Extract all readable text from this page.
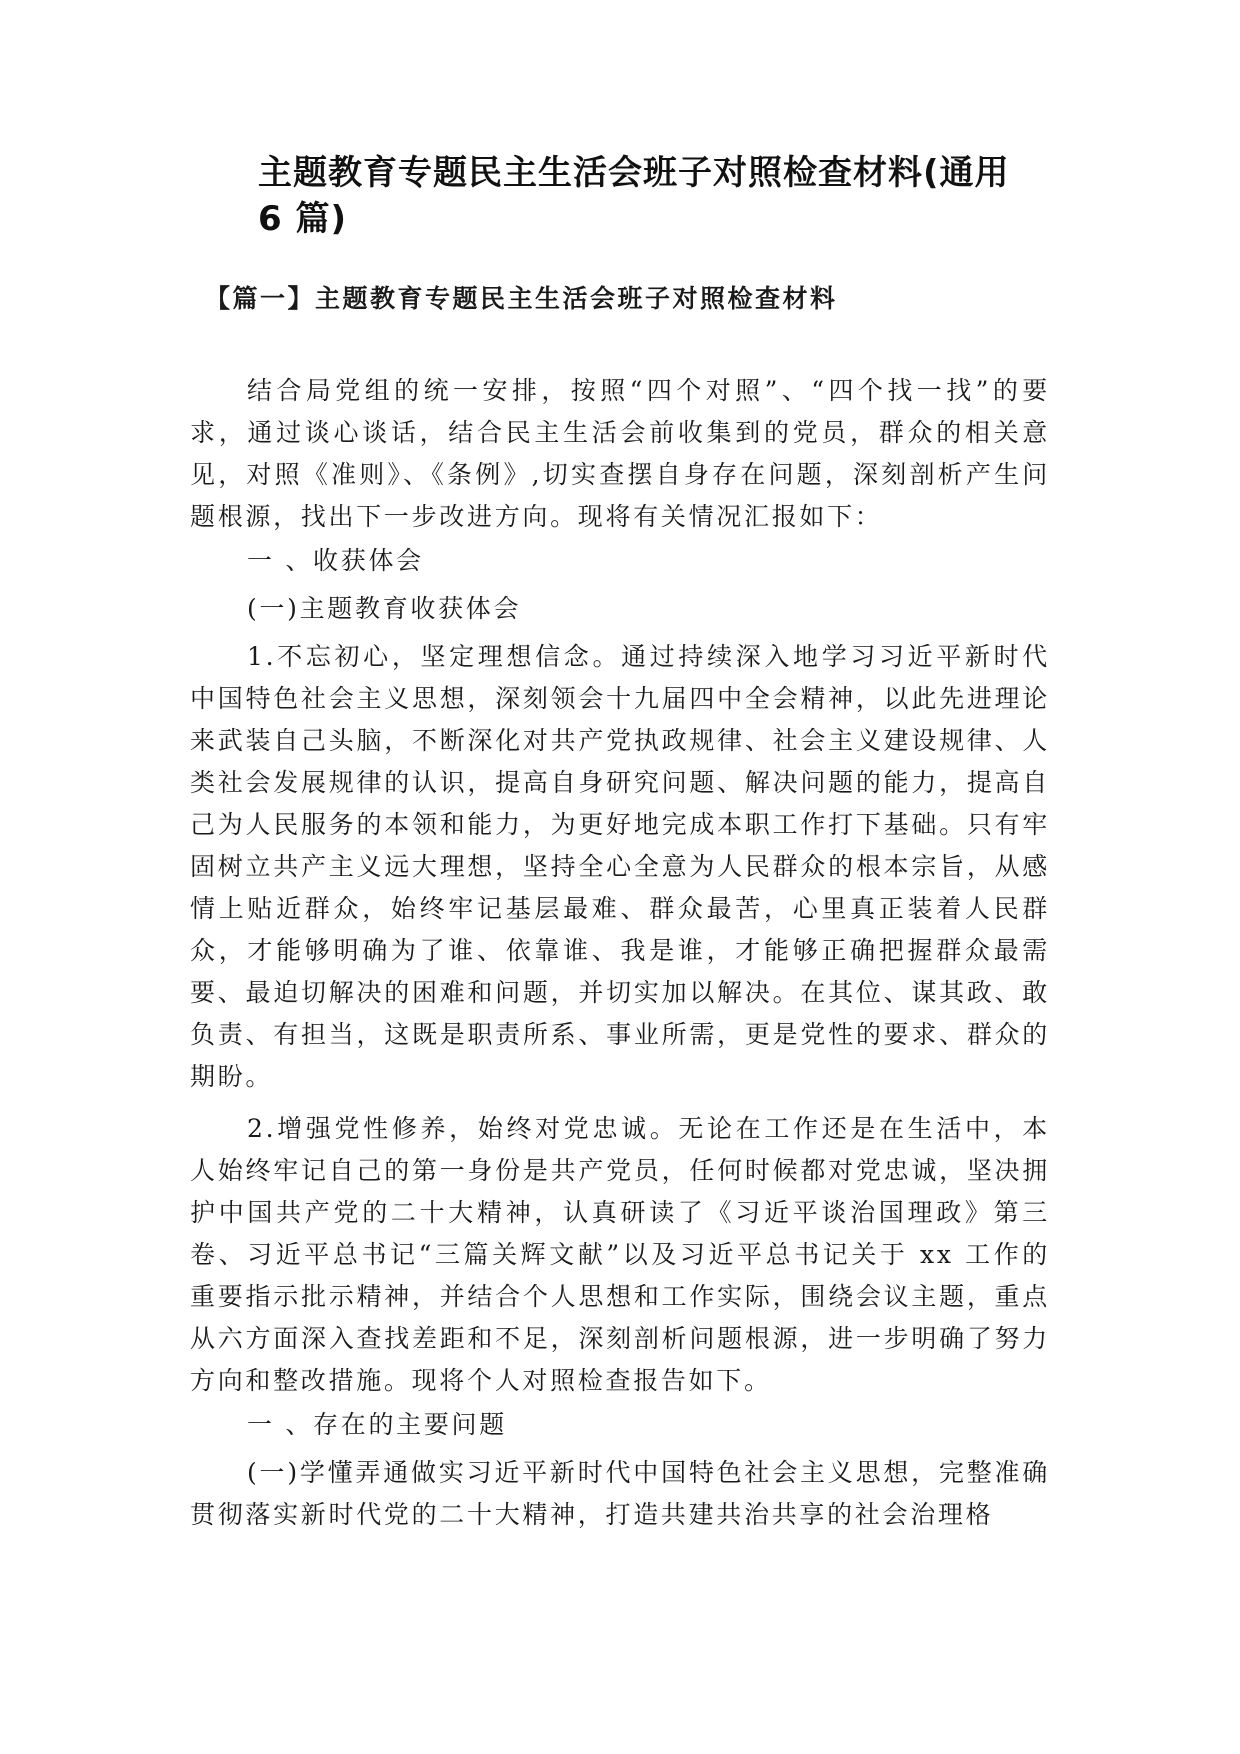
主题教育专题民主生活会班子对照检查材料(通用 6 篇)
【篇一】主题教育专题民主生活会班子对照检查材料

结合局党组的统一安排，按照“四个对照”、“四个找一找”的要求，通过谈心谈话，结合民主生活会前收集到的党员，群众的相关意见，对照《准则》、《条例》,切实查摆自身存在问题，深刻剖析产生问题根源，找出下一步改进方向。现将有关情况汇报如下：

一 、收获体会

(一)主题教育收获体会

1.不忘初心，坚定理想信念。通过持续深入地学习习近平新时代中国特色社会主义思想，深刻领会十九届四中全会精神，以此先进理论来武装自己头脑，不断深化对共产党执政规律、社会主义建设规律、人类社会发展规律的认识，提高自身研究问题、解决问题的能力，提高自己为人民服务的本领和能力，为更好地完成本职工作打下基础。只有牢固树立共产主义远大理想，坚持全心全意为人民群众的根本宗旨，从感情上贴近群众，始终牢记基层最难、群众最苦，心里真正装着人民群众，才能够明确为了谁、依靠谁、我是谁，才能够正确把握群众最需要、最迫切解决的困难和问题，并切实加以解决。在其位、谋其政、敢负责、有担当，这既是职责所系、事业所需，更是党性的要求、群众的期盼。

2.增强党性修养，始终对党忠诚。无论在工作还是在生活中，本人始终牢记自己的第一身份是共产党员，任何时候都对党忠诚，坚决拥护中国共产党的二十大精神，认真研读了《习近平谈治国理政》第三卷、习近平总书记“三篇关辉文献”以及习近平总书记关于 xx 工作的重要指示批示精神，并结合个人思想和工作实际，围绕会议主题，重点从六方面深入查找差距和不足，深刻剖析问题根源，进一步明确了努力方向和整改措施。现将个人对照检查报告如下。

一 、存在的主要问题

(一)学懂弄通做实习近平新时代中国特色社会主义思想，完整准确贯彻落实新时代党的二十大精神，打造共建共治共享的社会治理格
